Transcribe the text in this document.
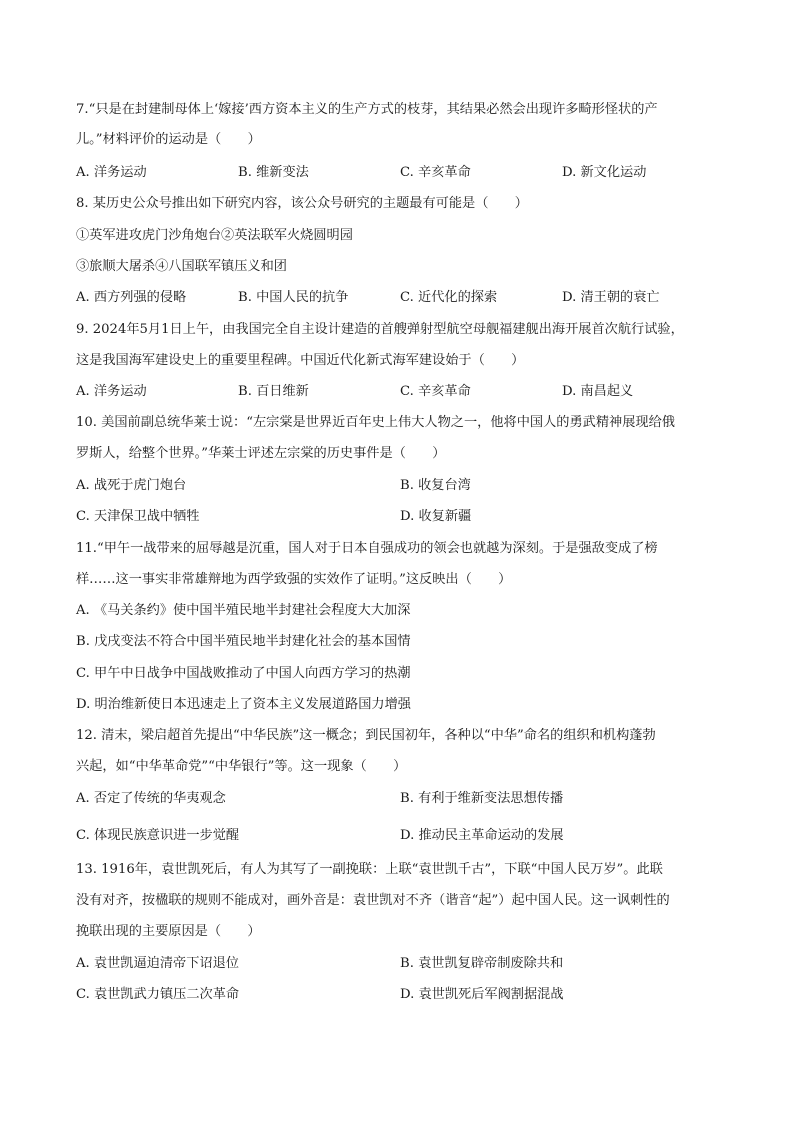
7.“只是在封建制母体上‘嫁接’西方资本主义的生产方式的枝芽，其结果必然会出现许多畸形怪状的产
儿。”材料评价的运动是（　　）
A. 洋务运动	B. 维新变法	C. 辛亥革命	D. 新文化运动
8. 某历史公众号推出如下研究内容，该公众号研究的主题最有可能是（　　）
①英军进攻虎门沙角炮台②英法联军火烧圆明园
③旅顺大屠杀④八国联军镇压义和团
A. 西方列强的侵略	B. 中国人民的抗争	C. 近代化的探索	D. 清王朝的衰亡
9. 2024年5月1日上午，由我国完全自主设计建造的首艘弹射型航空母舰福建舰出海开展首次航行试验，
这是我国海军建设史上的重要里程碑。中国近代化新式海军建设始于（　　）
A. 洋务运动	B. 百日维新	C. 辛亥革命	D. 南昌起义
10. 美国前副总统华莱士说：“左宗棠是世界近百年史上伟大人物之一，他将中国人的勇武精神展现给俄
罗斯人，给整个世界。”华莱士评述左宗棠的历史事件是（　　）
A. 战死于虎门炮台	B. 收复台湾
C. 天津保卫战中牺牲	D. 收复新疆
11.“甲午一战带来的屈辱越是沉重，国人对于日本自强成功的领会也就越为深刻。于是强敌变成了榜
样……这一事实非常雄辩地为西学致强的实效作了证明。”这反映出（　　）
A. 《马关条约》使中国半殖民地半封建社会程度大大加深
B. 戊戌变法不符合中国半殖民地半封建化社会的基本国情
C. 甲午中日战争中国战败推动了中国人向西方学习的热潮
D. 明治维新使日本迅速走上了资本主义发展道路国力增强
12. 清末，梁启超首先提出“中华民族”这一概念；到民国初年，各种以“中华”命名的组织和机构蓬勃
兴起，如“中华革命党”“中华银行”等。这一现象（　　）
A. 否定了传统的华夷观念	B. 有利于维新变法思想传播
C. 体现民族意识进一步觉醒	D. 推动民主革命运动的发展
13. 1916年，袁世凯死后，有人为其写了一副挽联：上联“袁世凯千古”，下联“中国人民万岁”。此联
没有对齐，按楹联的规则不能成对，画外音是：袁世凯对不齐（谐音“起”）起中国人民。这一讽刺性的
挽联出现的主要原因是（　　）
A. 袁世凯逼迫清帝下诏退位	B. 袁世凯复辟帝制废除共和
C. 袁世凯武力镇压二次革命	D. 袁世凯死后军阀割据混战
